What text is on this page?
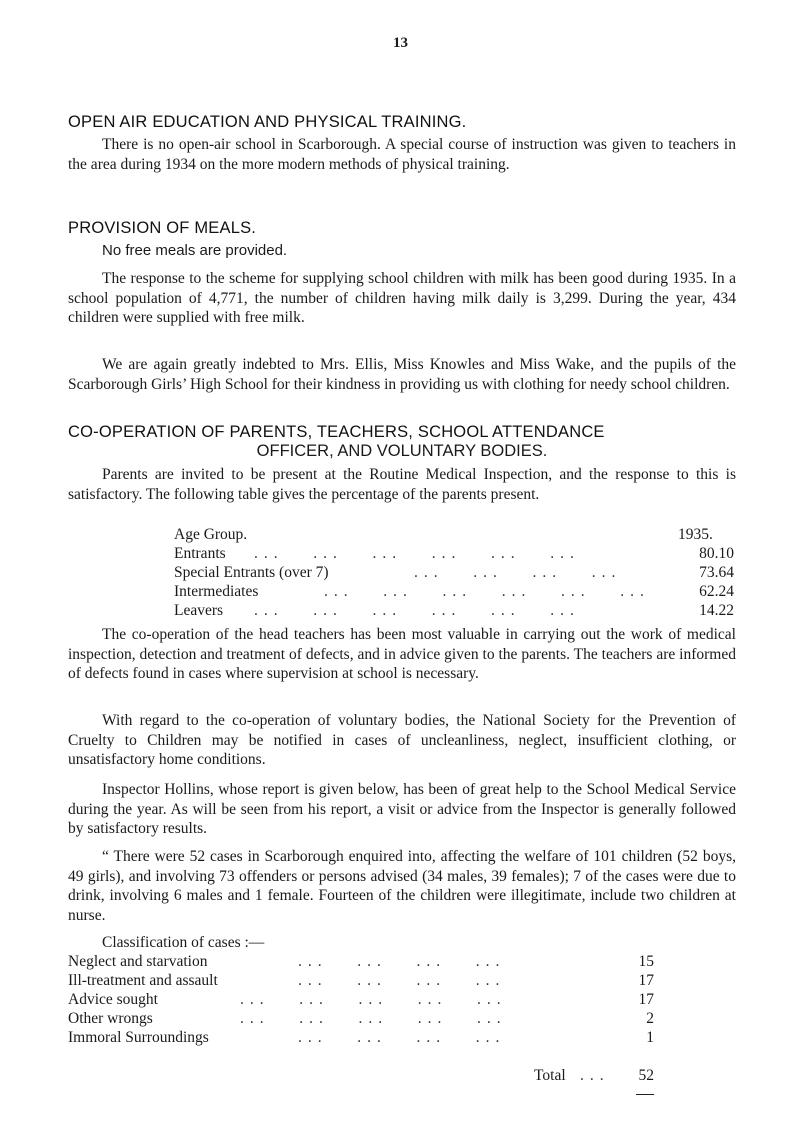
13
OPEN AIR EDUCATION AND PHYSICAL TRAINING.
There is no open-air school in Scarborough. A special course of instruction was given to teachers in the area during 1934 on the more modern methods of physical training.
PROVISION OF MEALS.
No free meals are provided.
The response to the scheme for supplying school children with milk has been good during 1935. In a school population of 4,771, the number of children having milk daily is 3,299. During the year, 434 children were supplied with free milk.
We are again greatly indebted to Mrs. Ellis, Miss Knowles and Miss Wake, and the pupils of the Scarborough Girls’ High School for their kindness in providing us with clothing for needy school children.
CO-OPERATION OF PARENTS, TEACHERS, SCHOOL ATTENDANCE
OFFICER, AND VOLUNTARY BODIES.
Parents are invited to be present at the Routine Medical Inspection, and the response to this is satisfactory. The following table gives the percentage of the parents present.
Age Group.	1935.
Entrants ...   ...   ...   ...   ...   ...	80.10
Special Entrants (over 7)	...   ...   ...   ...	73.64
Intermediates	...   ...   ...   ...   ...   ...	62.24
Leavers ...   ...   ...   ...   ...   ...	14.22
The co-operation of the head teachers has been most valuable in carrying out the work of medical inspection, detection and treatment of defects, and in advice given to the parents. The teachers are informed of defects found in cases where supervision at school is necessary.
With regard to the co-operation of voluntary bodies, the National Society for the Prevention of Cruelty to Children may be notified in cases of uncleanliness, neglect, insufficient clothing, or unsatisfactory home conditions.
Inspector Hollins, whose report is given below, has been of great help to the School Medical Service during the year. As will be seen from his report, a visit or advice from the Inspector is generally followed by satisfactory results.
“ There were 52 cases in Scarborough enquired into, affecting the welfare of 101 children (52 boys, 49 girls), and involving 73 offenders or persons advised (34 males, 39 females); 7 of the cases were due to drink, involving 6 males and 1 female. Fourteen of the children were illegitimate, include two children at nurse.
Classification of cases :—
Neglect and starvation	...   ...   ...   ...	15
Ill-treatment and assault	...   ...   ...   ...	17
Advice sought	...   ...   ...   ...   ...	17
Other wrongs	...   ...   ...   ...   ...	2
Immoral Surroundings	...   ...   ...   ...	1
Total ... 52
